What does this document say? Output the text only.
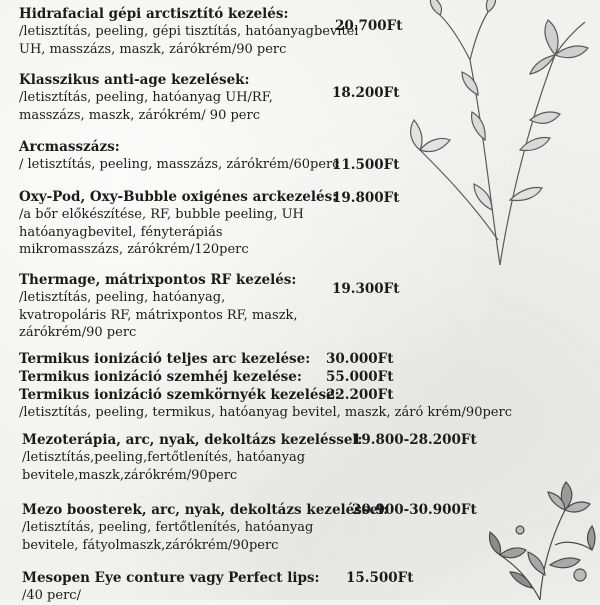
Hidrafacial gépi arctisztító kezelés:
/letisztítás, peeling, gépi tisztítás, hatóanyagbevitel
UH, masszázs, maszk, zárókrém/90 perc
20.700Ft
Klasszikus anti-age kezelések:
/letisztítás, peeling, hatóanyag UH/RF,
masszázs, maszk, zárókrém/ 90 perc
18.200Ft
Arcmasszázs:
/ letisztítás, peeling, masszázs, zárókrém/60perc
11.500Ft
Oxy-Pod, Oxy-Bubble oxigénes arckezelés:
/a bőr előkészítése, RF, bubble peeling, UH
hatóanyagbevitel, fényterápiás
mikromasszázs, zárókrém/120perc
19.800Ft
Thermage, mátrixpontos RF kezelés:
/letisztítás, peeling, hatóanyag,
kvatropoláris RF, mátrixpontos RF, maszk,
zárókrém/90 perc
19.300Ft
Termikus ionizáció teljes arc kezelése: 30.000Ft
Termikus ionizáció szemhéj kezelése: 55.000Ft
Termikus ionizáció szemkörnyék kezelése:
/letisztítás, peeling, termikus, hatóanyag bevitel, maszk, záró krém/90perc
22.200Ft
Mezoterápia, arc, nyak, dekoltázs kezeléssel:
/letisztítás,peeling,fertőtlenítés, hatóanyag
bevitele,maszk,zárókrém/90perc
19.800-28.200Ft
Mezo boosterek, arc, nyak, dekoltázs kezeléssel:
/letisztítás, peeling, fertőtlenítés, hatóanyag
bevitele, fátyolmaszk,zárókrém/90perc
20.900-30.900Ft
Mesopen Eye conture vagy Perfect lips:
/40 perc/
15.500Ft
